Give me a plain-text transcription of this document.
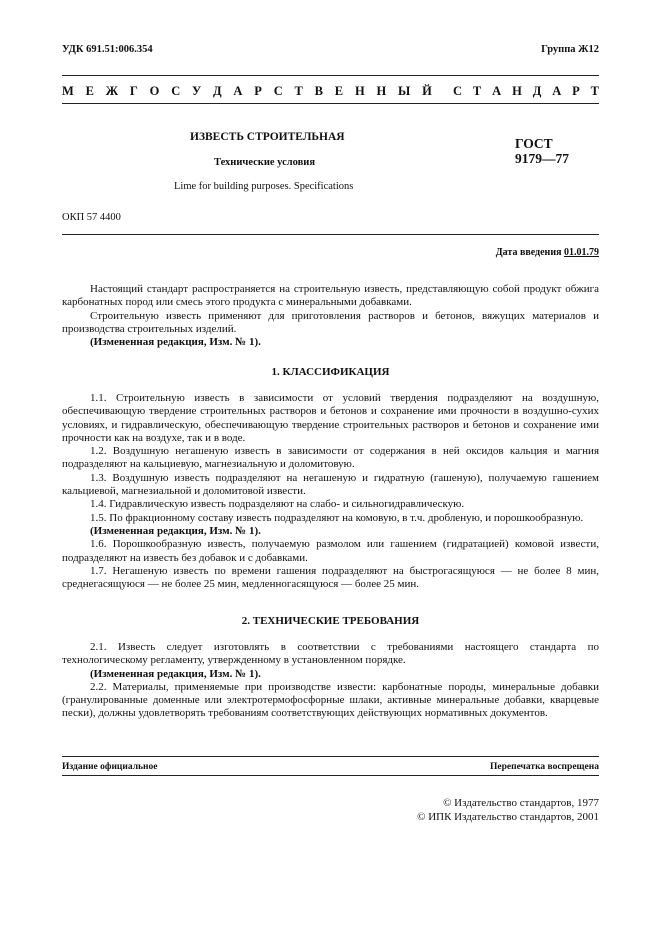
УДК 691.51:006.354	Группа Ж12
М Е Ж Г О С У Д А Р С Т В Е Н Н Ы Й С Т А Н Д А Р Т
ИЗВЕСТЬ СТРОИТЕЛЬНАЯ
Технические условия
ГОСТ
9179—77
Lime for building purposes. Specifications
ОКП 57 4400
Дата введения 01.01.79

Настоящий стандарт распространяется на строительную известь, представляющую собой продукт обжига карбонатных пород или смесь этого продукта с минеральными добавками.

Строительную известь применяют для приготовления растворов и бетонов, вяжущих материалов и производства строительных изделий.

(Измененная редакция, Изм. № 1).

1. КЛАССИФИКАЦИЯ

1.1. Строительную известь в зависимости от условий твердения подразделяют на воздушную, обеспечивающую твердение строительных растворов и бетонов и сохранение ими прочности в воздушно-сухих условиях, и гидравлическую, обеспечивающую твердение строительных растворов и бетонов и сохранение ими прочности как на воздухе, так и в воде.

1.2. Воздушную негашеную известь в зависимости от содержания в ней оксидов кальция и магния подразделяют на кальциевую, магнезиальную и доломитовую.

1.3. Воздушную известь подразделяют на негашеную и гидратную (гашеную), получаемую гашением кальциевой, магнезиальной и доломитовой извести.

1.4. Гидравлическую известь подразделяют на слабо- и сильногидравлическую.

1.5. По фракционному составу известь подразделяют на комовую, в т.ч. дробленую, и порошкообразную.

(Измененная редакция, Изм. № 1).

1.6. Порошкообразную известь, получаемую размолом или гашением (гидратацией) комовой извести, подразделяют на известь без добавок и с добавками.

1.7. Негашеную известь по времени гашения подразделяют на быстрогасящуюся — не более 8 мин, среднегасящуюся — не более 25 мин, медленногасящуюся — более 25 мин.

2. ТЕХНИЧЕСКИЕ ТРЕБОВАНИЯ

2.1. Известь следует изготовлять в соответствии с требованиями настоящего стандарта по технологическому регламенту, утвержденному в установленном порядке.

(Измененная редакция, Изм. № 1).

2.2. Материалы, применяемые при производстве извести: карбонатные породы, минеральные добавки (гранулированные доменные или электротермофосфорные шлаки, активные минеральные добавки, кварцевые пески), должны удовлетворять требованиям соответствующих действующих нормативных документов.

Издание официальное	Перепечатка воспрещена
© Издательство стандартов, 1977
© ИПК Издательство стандартов, 2001
